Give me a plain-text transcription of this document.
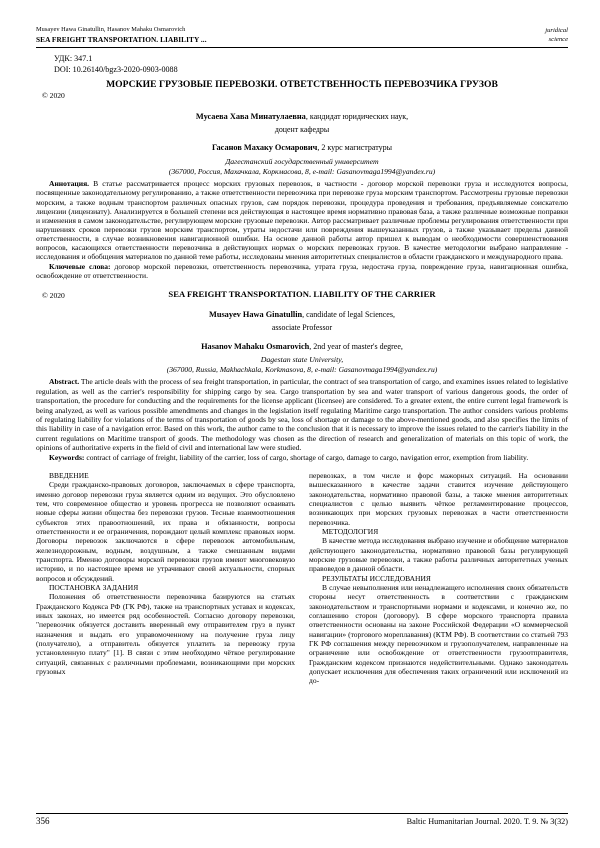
Musayev Hawa Ginatullin, Hasanov Mahaku Osmarovich
SEA FREIGHT TRANSPORTATION. LIABILITY ...
juridical
science
УДК: 347.1
DOI: 10.26140/bgz3-2020-0903-0088
МОРСКИЕ ГРУЗОВЫЕ ПЕРЕВОЗКИ. ОТВЕТСТВЕННОСТЬ ПЕРЕВОЗЧИКА ГРУЗОВ
© 2020
Мусаева Хава Минатулаевна, кандидат юридических наук,
доцент кафедры
Гасанов Махаку Осмарович, 2 курс магистратуры
Дагестанский государственный университет
(367000, Россия, Махачкала, Коркмасова, 8, e-mail: Gasanovmaga1994@yandex.ru)
Аннотация. В статье рассматривается процесс морских грузовых перевозок, в частности - договор морской перевозки груза и исследуются вопросы, посвященные законодательному регулированию, а также ответственности перевозчика при перевозке груза морским транспортом. Рассмотрены грузовые перевозки морским, а также водным транспортом различных опасных грузов, сам порядок перевозки, процедура проведения и требования, предъявляемые соискателю лицензии (лицензиату). Анализируется в большей степени вся действующая в настоящее время нормативно правовая база, а также различные возможные поправки и изменения в самом законодательстве, регулирующем морские грузовые перевозки. Автор рассматривает различные проблемы регулирования ответственности при нарушениях сроков перевозки грузов морским транспортом, утраты недостачи или повреждения вышеуказанных грузов, а также указывает пределы данной ответственности, в случае возникновения навигационной ошибки. На основе данной работы автор пришел к выводам о необходимости совершенствования вопросов, касающихся ответственности перевозчика в действующих нормах о морских перевозках грузов. В качестве методологии выбрано направление - исследования и обобщения материалов по данной теме работы, исследованы мнения авторитетных специалистов в области гражданского и международного права.
Ключевые слова: договор морской перевозки, ответственность перевозчика, утрата груза, недостача груза, повреждение груза, навигационная ошибка, освобождение от ответственности.
SEA FREIGHT TRANSPORTATION. LIABILITY OF THE CARRIER
© 2020
Musayev Hawa Ginatullin, candidate of legal Sciences,
associate Professor
Hasanov Mahaku Osmarovich, 2nd year of master's degree,
Dagestan state University,
(367000, Russia, Makhachkala, Korkmasova, 8, e-mail: Gasanovmaga1994@yandex.ru)
Abstract. The article deals with the process of sea freight transportation, in particular, the contract of sea transportation of cargo, and examines issues related to legislative regulation, as well as the carrier's responsibility for shipping cargo by sea. Cargo transportation by sea and water transport of various dangerous goods, the order of transportation, the procedure for conducting and the requirements for the license applicant (licensee) are considered. To a greater extent, the entire current legal framework is being analyzed, as well as various possible amendments and changes in the legislation itself regulating Maritime cargo transportation. The author considers various problems of regulating liability for violations of the terms of transportation of goods by sea, loss of shortage or damage to the above-mentioned goods, and also specifies the limits of this liability in case of a navigation error. Based on this work, the author came to the conclusion that it is necessary to improve the issues related to the carrier's liability in the current regulations on Maritime transport of goods. The methodology was chosen as the direction of research and generalization of materials on this topic of work, the opinions of authoritative experts in the field of civil and international law were studied.
Keywords: contract of carriage of freight, liability of the carrier, loss of cargo, shortage of cargo, damage to cargo, navigation error, exemption from liability.
ВВЕДЕНИЕ
Среди гражданско-правовых договоров, заключаемых в сфере транспорта, именно договор перевозки груза является одним из ведущих. Это обусловлено тем, что современное общество и уровень прогресса не позволяют осваивать новые сферы жизни общества без перевозки грузов. Тесные взаимоотношения субъектов этих правоотношений, их права и обязанности, вопросы ответственности и ее ограничения, порождают целый комплекс правовых норм. Договоры перевозок заключаются в сфере перевозок автомобильным, железнодорожным, водным, воздушным, а также смешанным видами транспорта. Именно договоры морской перевозки грузов имеют многовековую историю, и по настоящее время не утрачивают своей актуальности, спорных вопросов и обсуждений.
ПОСТАНОВКА ЗАДАНИЯ
Положения об ответственности перевозчика базируются на статьях Гражданского Кодекса РФ (ГК РФ), также на транспортных уставах и кодексах, иных законах, но имеется ряд особенностей. Согласно договору перевозки, "перевозчик обязуется доставить вверенный ему отправителем груз в пункт назначения и выдать его управомоченному на получение груза лицу (получателю), а отправитель обязуется уплатить за перевозку груза установленную плату" [1]. В связи с этим необходимо чёткое регулирование ситуаций, связанных с различными проблемами, возникающими при морских грузовых
перевозках, в том числе и форс мажорных ситуаций. На основании вышесказанного в качестве задачи ставится изучение действующего законодательства, нормативно правовой базы, а также мнения авторитетных специалистов с целью выявить чёткое регламентирование процессов, возникающих при морских грузовых перевозках в части ответственности перевозчика.
МЕТОДОЛОГИЯ
В качестве метода исследования выбрано изучение и обобщение материалов действующего законодательства, нормативно правовой базы регулирующей морские грузовые перевозки, а также работы различных авторитетных ученых правоведов в данной области.
РЕЗУЛЬТАТЫ ИССЛЕДОВАНИЯ
В случае невыполнения или ненадлежащего исполнения своих обязательств стороны несут ответственность в соответствии с гражданским законодательством и транспортными нормами и кодексами, и конечно же, по соглашению сторон (договору). В сфере морского транспорта правила ответственности основаны на законе Российской Федерации «О коммерческой навигации» (торгового мореплавания) (КТМ РФ). В соответствии со статьей 793 ГК РФ соглашения между перевозчиком и грузополучателем, направленные на ограничение или освобождение от ответственности грузоотправителя, Гражданским кодексом признаются недействительными. Однако законодатель допускает исключения для обеспечения таких ограничений или исключений из до-
356	Baltic Humanitarian Journal. 2020. Т. 9. № 3(32)
